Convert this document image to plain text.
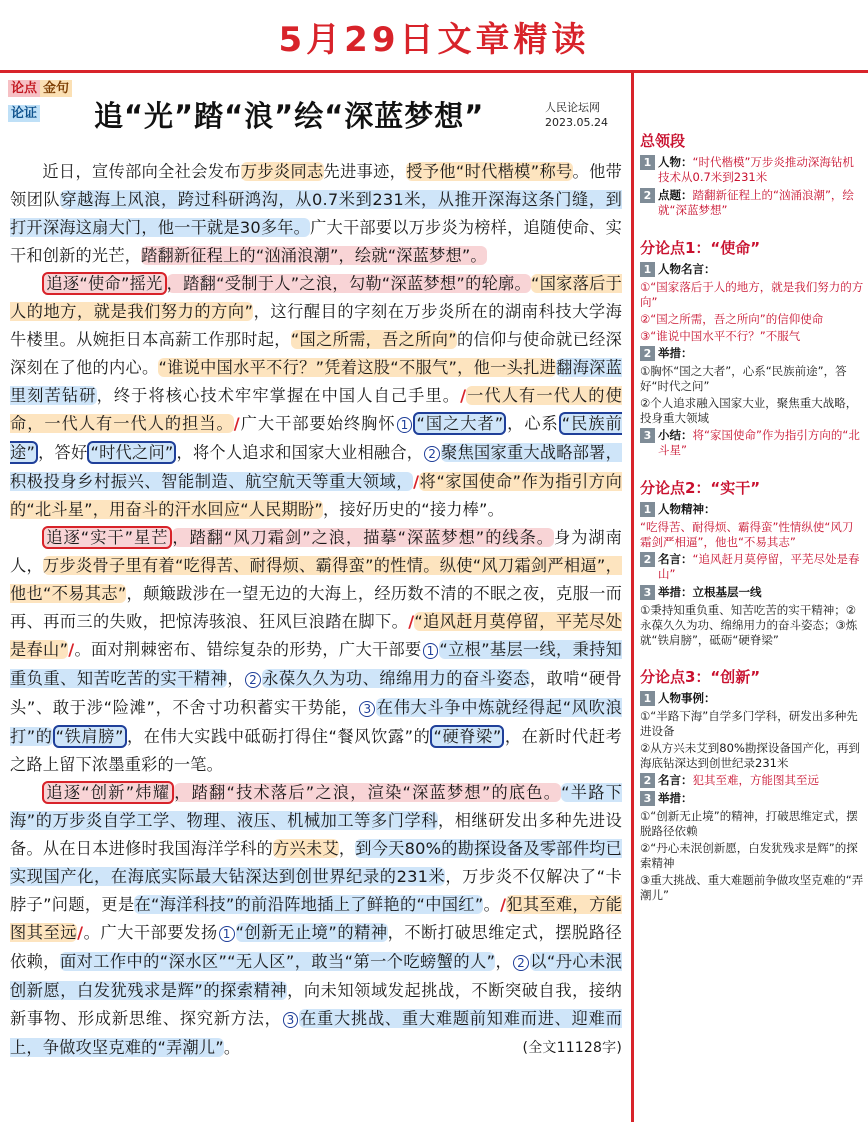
5月29日文章精读
论点 金句
论证	追“光”踏“浪”绘“深蓝梦想”	人民论坛网
2023.05.24

近日，宣传部向全社会发布万步炎同志先进事迹，授予他“时代楷模”称号。他带领团队穿越海上风浪，跨过科研鸿沟，从0.7米到231米，从推开深海这条门缝，到打开深海这扇大门，他一干就是30多年。广大干部要以万步炎为榜样，追随使命、实干和创新的光芒，踏翻新征程上的“汹涌浪潮”，绘就“深蓝梦想”。

追逐“使命”摇光 ，踏翻“受制于人”之浪，勾勒“深蓝梦想”的轮廓。“国家落后于人的地方，就是我们努力的方向”，这行醒目的字刻在万步炎所在的湖南科技大学海牛楼里。从婉拒日本高薪工作那时起，“国之所需，吾之所向”的信仰与使命就已经深深刻在了他的内心。“谁说中国水平不行？”凭着这股“不服气”，他一头扎进翻海深蓝里刻苦钻研，终于将核心技术牢牢掌握在中国人自己手里。/一代人有一代人的使命，一代人有一代人的担当。/广大干部要始终胸怀 1 “国之大者” ，心系 “民族前途” ，答好 “时代之问” ，将个人追求和国家大业相融合， 2 聚焦国家重大战略部署，积极投身乡村振兴、智能制造、航空航天等重大领域，/将“家国使命”作为指引方向的“北斗星”，用奋斗的汗水回应“人民期盼”，接好历史的“接力棒”。

追逐“实干”星芒 ，踏翻“风刀霜剑”之浪，描摹“深蓝梦想”的线条。身为湖南人，万步炎骨子里有着“吃得苦、耐得烦、霸得蛮”的性情。纵使“风刀霜剑严相逼”，他也“不易其志”，颠簸跋涉在一望无边的大海上，经历数不清的不眠之夜，克服一而再、再而三的失败，把惊涛骇浪、狂风巨浪踏在脚下。/“追风赶月莫停留，平芜尽处是春山”/。面对荆棘密布、错综复杂的形势，广大干部要 1 “立根”基层一线，秉持知重负重、知苦吃苦的实干精神， 2 永葆久久为功、绵绵用力的奋斗姿态，敢啃“硬骨头”、敢于涉“险滩”，不舍寸功积蓄实干势能， 3 在伟大斗争中炼就经得起“风吹浪打”的 “铁肩膀” ，在伟大实践中砥砺打得住“餐风饮露”的 “硬脊梁” ，在新时代赶考之路上留下浓墨重彩的一笔。

追逐“创新”炜耀 ，踏翻“技术落后”之浪，渲染“深蓝梦想”的底色。“半路下海”的万步炎自学工学、物理、液压、机械加工等多门学科，相继研发出多种先进设备。从在日本进修时我国海洋学科的方兴未艾，到今天80%的勘探设备及零部件均已实现国产化，在海底实际最大钻深达到创世界纪录的231米，万步炎不仅解决了“卡脖子”问题，更是在“海洋科技”的前沿阵地插上了鲜艳的“中国红”。/犯其至难，方能图其至远/。广大干部要发扬 1 “创新无止境”的精神，不断打破思维定式，摆脱路径依赖，面对工作中的“深水区”“无人区”，敢当“第一个吃螃蟹的人”， 2 以“丹心未泯创新愿，白发犹残求是辉”的探索精神，向未知领域发起挑战，不断突破自我，接纳新事物、形成新思维、探究新方法， 3 在重大挑战、重大难题前知难而进、迎难而上，争做攻坚克难的“弄潮儿”。	(全文11128字)

总领段
1 人物：“时代楷模”万步炎推动深海钻机技术从0.7米到231米
2 点题：踏翻新征程上的“汹涌浪潮”，绘就“深蓝梦想”
分论点1：“使命”
1 人物名言：
①“国家落后于人的地方，就是我们努力的方向”
②“国之所需，吾之所向”的信仰使命
③“谁说中国水平不行？”不服气
2 举措：
①胸怀“国之大者”，心系“民族前途”，答好“时代之问”
②个人追求融入国家大业，聚焦重大战略，投身重大领域
3 小结：将“家国使命”作为指引方向的“北斗星”
分论点2：“实干”
1 人物精神：
“吃得苦、耐得烦、霸得蛮”性情纵使“风刀霜剑严相逼”，他也“不易其志”
2 名言：“追风赶月莫停留，平芜尽处是春山”
3 举措：立根基层一线
①秉持知重负重、知苦吃苦的实干精神；②永葆久久为功、绵绵用力的奋斗姿态；③炼就“铁肩膀”，砥砺“硬脊梁”
分论点3：“创新”
1 人物事例：
①“半路下海”自学多门学科，研发出多种先进设备
②从方兴未艾到80%勘探设备国产化，再到海底钻深达到创世纪录231米
2 名言：犯其至难，方能图其至远
3 举措：
①“创新无止境”的精神，打破思维定式，摆脱路径依赖
②“丹心未泯创新愿，白发犹残求是辉”的探索精神
③重大挑战、重大难题前争做攻坚克难的“弄潮儿”
